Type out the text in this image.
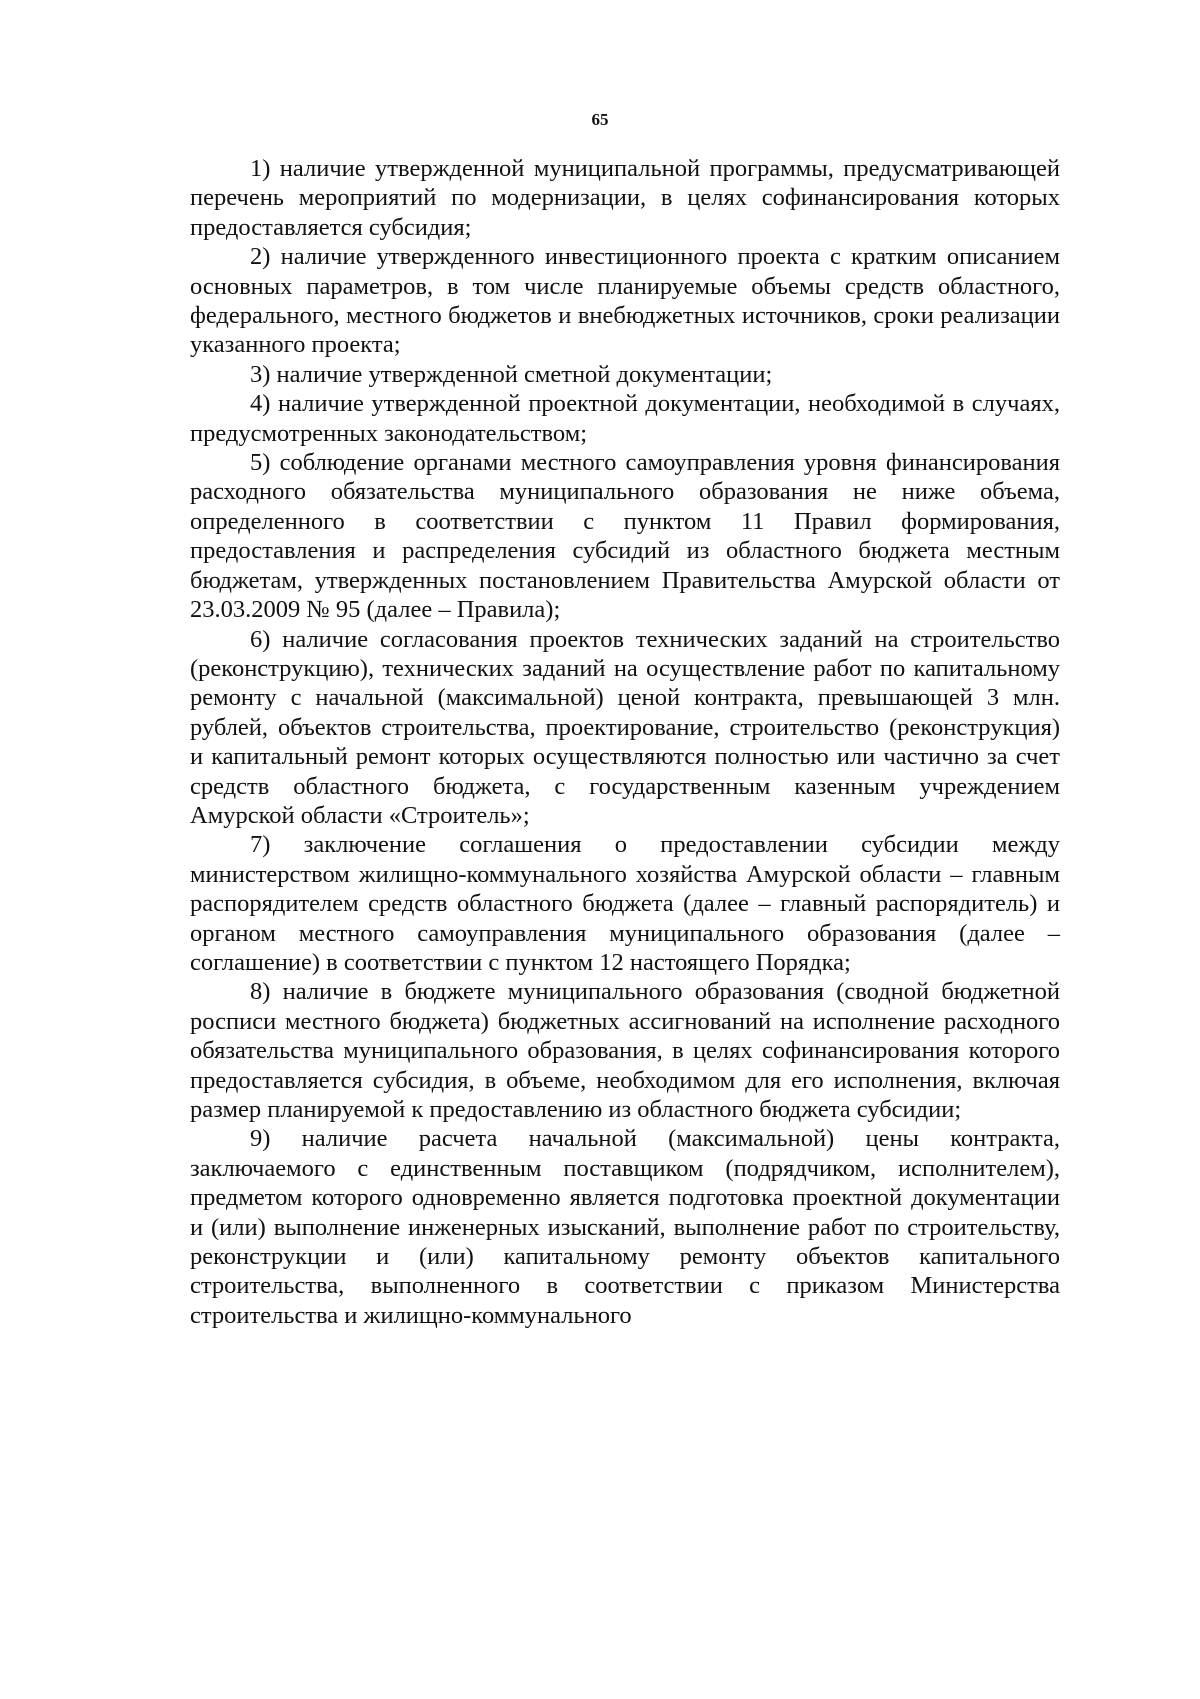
65

1) наличие утвержденной муниципальной программы, предусматривающей перечень мероприятий по модернизации, в целях софинансирования которых предоставляется субсидия;

2) наличие утвержденного инвестиционного проекта с кратким описанием основных параметров, в том числе планируемые объемы средств областного, федерального, местного бюджетов и внебюджетных источников, сроки реализации указанного проекта;

3) наличие утвержденной сметной документации;

4) наличие утвержденной проектной документации, необходимой в случаях, предусмотренных законодательством;

5) соблюдение органами местного самоуправления уровня финансирования расходного обязательства муниципального образования не ниже объема, определенного в соответствии с пунктом 11 Правил формирования, предоставления и распределения субсидий из областного бюджета местным бюджетам, утвержденных постановлением Правительства Амурской области от 23.03.2009 № 95 (далее – Правила);

6) наличие согласования проектов технических заданий на строительство (реконструкцию), технических заданий на осуществление работ по капитальному ремонту с начальной (максимальной) ценой контракта, превышающей 3 млн. рублей, объектов строительства, проектирование, строительство (реконструкция) и капитальный ремонт которых осуществляются полностью или частично за счет средств областного бюджета, с государственным казенным учреждением Амурской области «Строитель»;

7) заключение соглашения о предоставлении субсидии между министерством жилищно-коммунального хозяйства Амурской области – главным распорядителем средств областного бюджета (далее – главный распорядитель) и органом местного самоуправления муниципального образования (далее – соглашение) в соответствии с пунктом 12 настоящего Порядка;

8) наличие в бюджете муниципального образования (сводной бюджетной росписи местного бюджета) бюджетных ассигнований на исполнение расходного обязательства муниципального образования, в целях софинансирования которого предоставляется субсидия, в объеме, необходимом для его исполнения, включая размер планируемой к предоставлению из областного бюджета субсидии;

9) наличие расчета начальной (максимальной) цены контракта, заключаемого с единственным поставщиком (подрядчиком, исполнителем), предметом которого одновременно является подготовка проектной документации и (или) выполнение инженерных изысканий, выполнение работ по строительству, реконструкции и (или) капитальному ремонту объектов капитального строительства, выполненного в соответствии с приказом Министерства строительства и жилищно-коммунального
